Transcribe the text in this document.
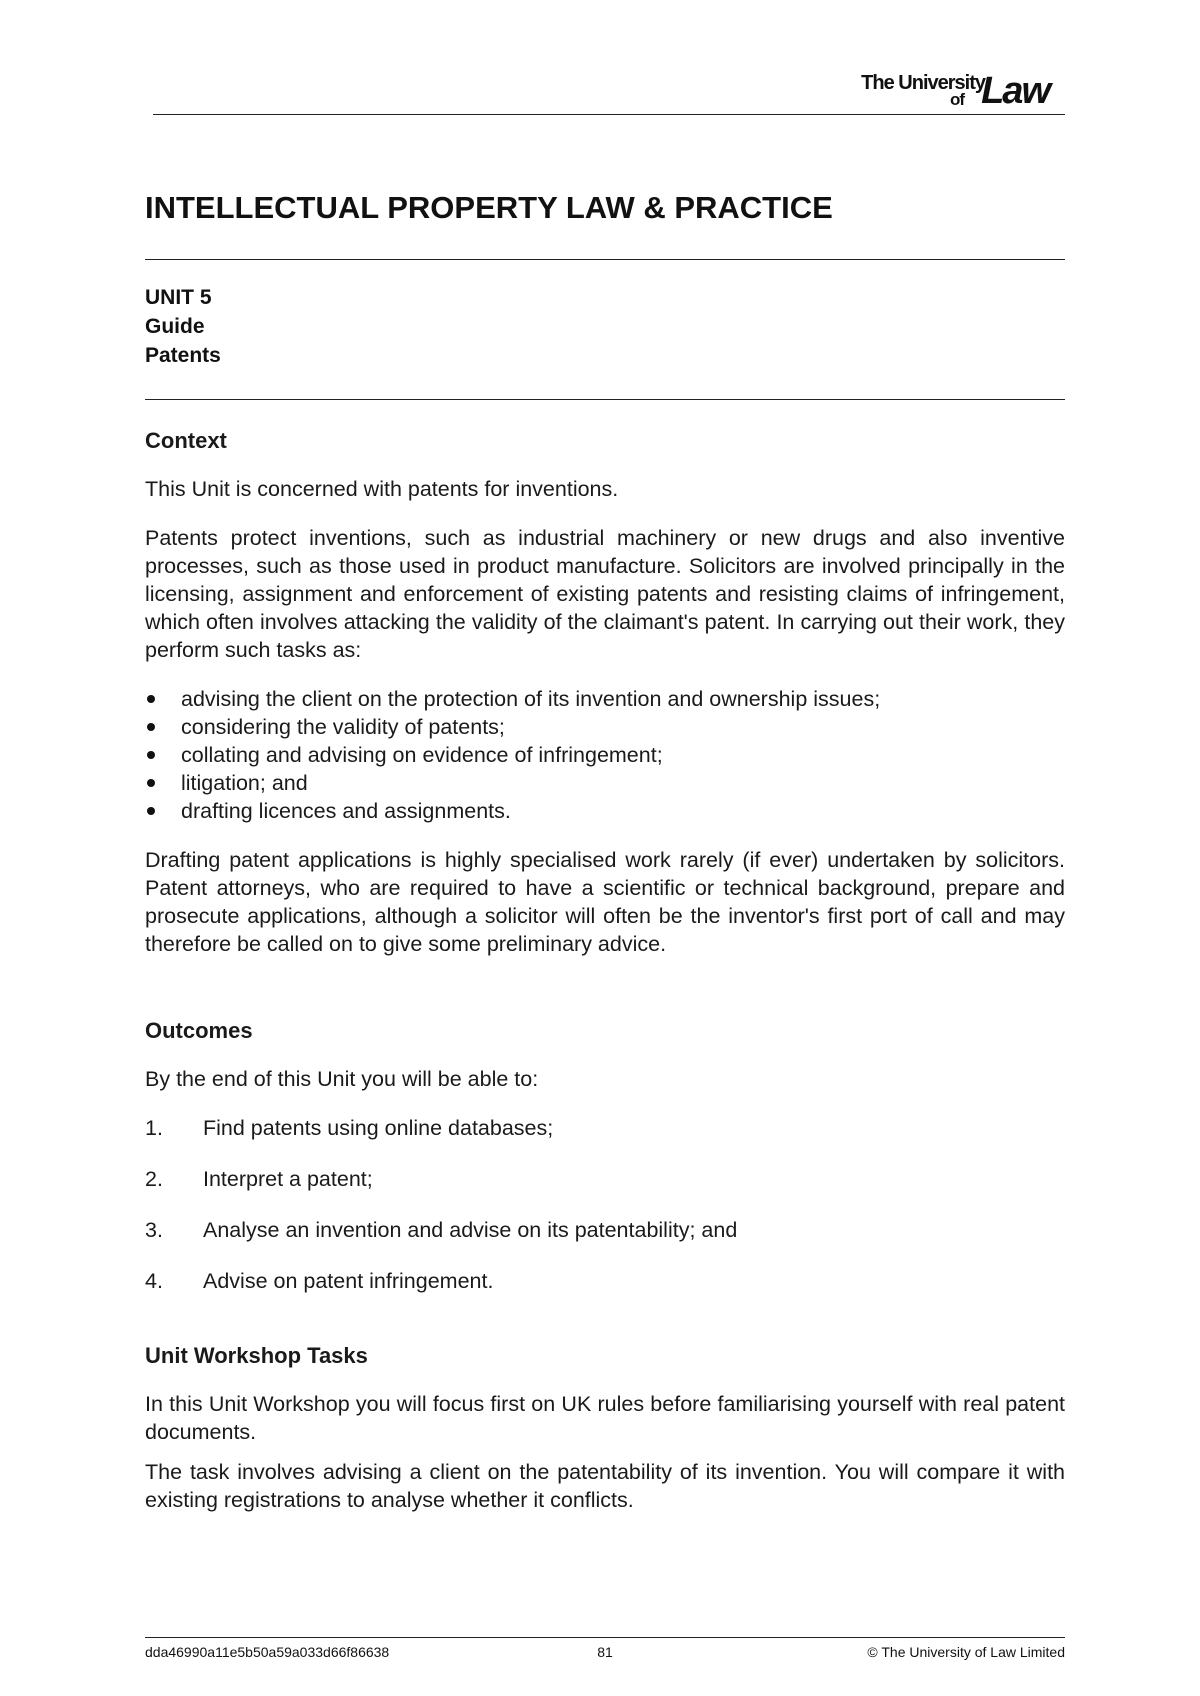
The University
of Law
INTELLECTUAL PROPERTY LAW & PRACTICE
UNIT 5
Guide
Patents
Context

This Unit is concerned with patents for inventions.

Patents protect inventions, such as industrial machinery or new drugs and also inventive processes, such as those used in product manufacture. Solicitors are involved principally in the licensing, assignment and enforcement of existing patents and resisting claims of infringement, which often involves attacking the validity of the claimant's patent. In carrying out their work, they perform such tasks as:

advising the client on the protection of its invention and ownership issues;
considering the validity of patents;
collating and advising on evidence of infringement;
litigation; and
drafting licences and assignments.

Drafting patent applications is highly specialised work rarely (if ever) undertaken by solicitors. Patent attorneys, who are required to have a scientific or technical background, prepare and prosecute applications, although a solicitor will often be the inventor's first port of call and may therefore be called on to give some preliminary advice.

Outcomes

By the end of this Unit you will be able to:

1. Find patents using online databases;
2. Interpret a patent;
3. Analyse an invention and advise on its patentability; and
4. Advise on patent infringement.
Unit Workshop Tasks

In this Unit Workshop you will focus first on UK rules before familiarising yourself with real patent documents.

The task involves advising a client on the patentability of its invention. You will compare it with existing registrations to analyse whether it conflicts.

dda46990a11e5b50a59a033d66f86638	81	© The University of Law Limited
